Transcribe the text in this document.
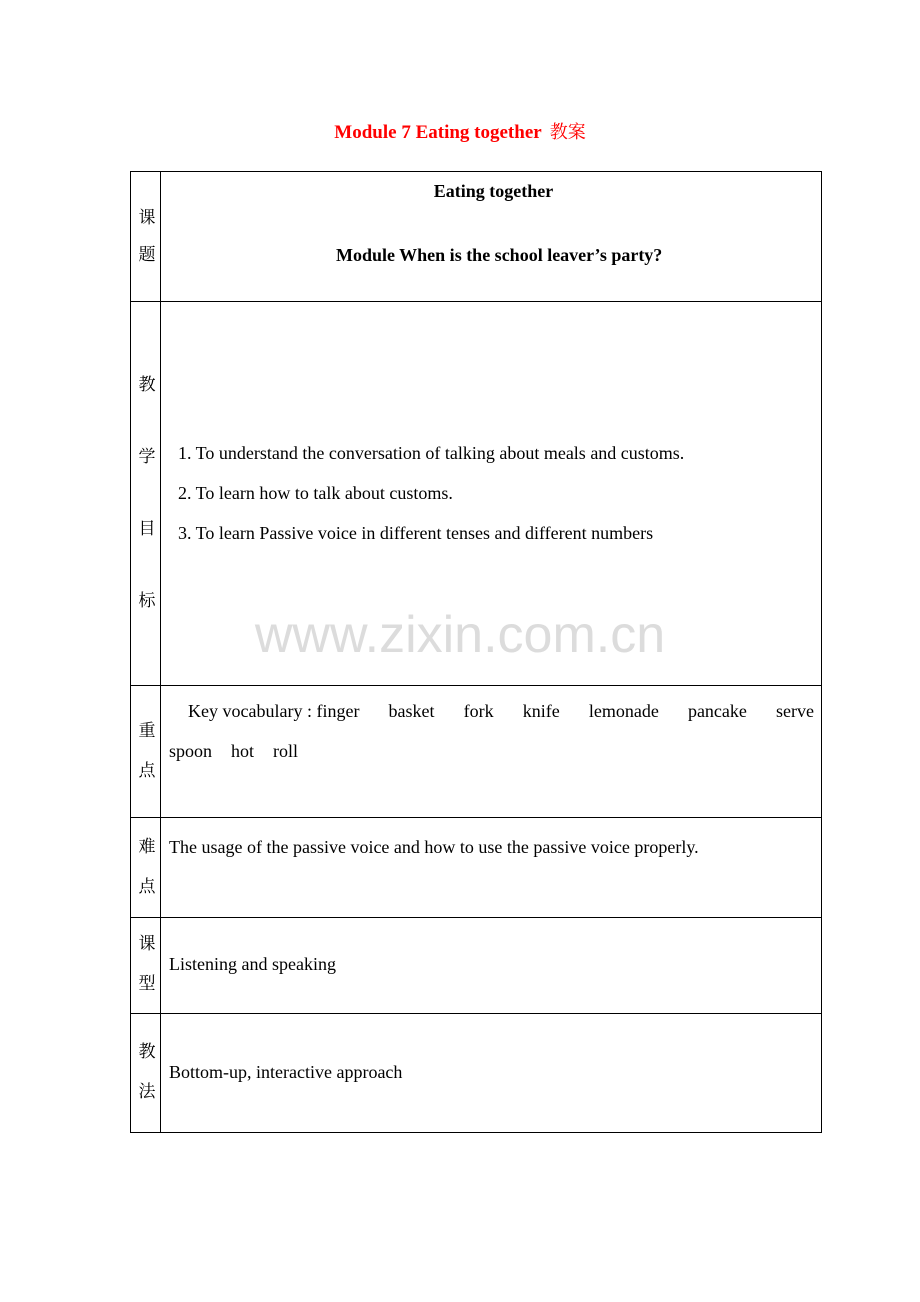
Module 7 Eating together 教案
www.zixin.com.cn
课
题
Eating together
Module When is the school leaver’s party?
教
学
目
标
1. To understand the conversation of talking about meals and customs.
2. To learn how to talk about customs.
3. To learn Passive voice in different tenses and different numbers
重
点
Key vocabulary : finger basket fork knife lemonade pancake serve
spoon hot roll
难
点
The usage of the passive voice and how to use the passive voice properly.
课
型
Listening and speaking
教
法
Bottom-up, interactive approach
